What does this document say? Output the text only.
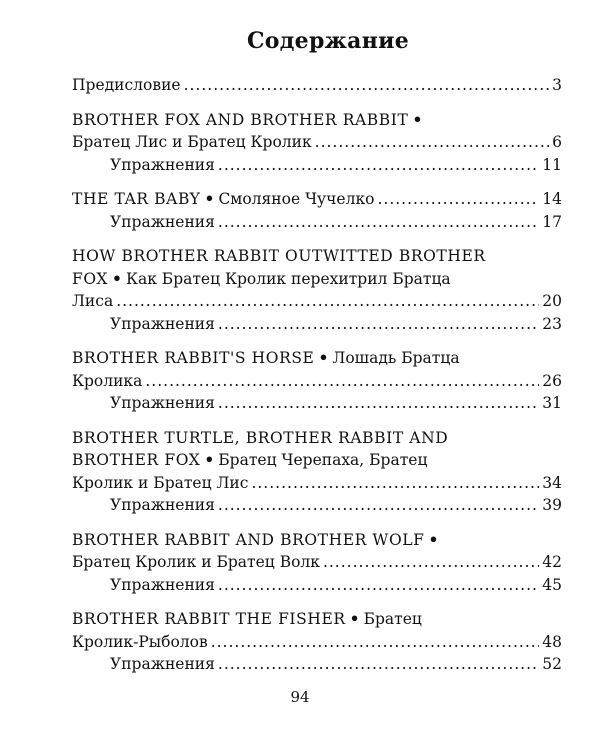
Содержание
Предисловие .....	3
BROTHER FOX AND BROTHER RABBIT •
Братец Лис и Братец Кролик .....	6
Упражнения .....	11
THE TAR BABY • Смоляное Чучелко .....	14
Упражнения .....	17
HOW BROTHER RABBIT OUTWITTED BROTHER
FOX • Как Братец Кролик перехитрил Братца
Лиса .....	20
Упражнения .....	23
BROTHER RABBIT'S HORSE • Лошадь Братца
Кролика .....	26
Упражнения .....	31
BROTHER TURTLE, BROTHER RABBIT AND
BROTHER FOX • Братец Черепаха, Братец
Кролик и Братец Лис .....	34
Упражнения .....	39
BROTHER RABBIT AND BROTHER WOLF •
Братец Кролик и Братец Волк .....	42
Упражнения .....	45
BROTHER RABBIT THE FISHER • Братец
Кролик-Рыболов .....	48
Упражнения .....	52
94
